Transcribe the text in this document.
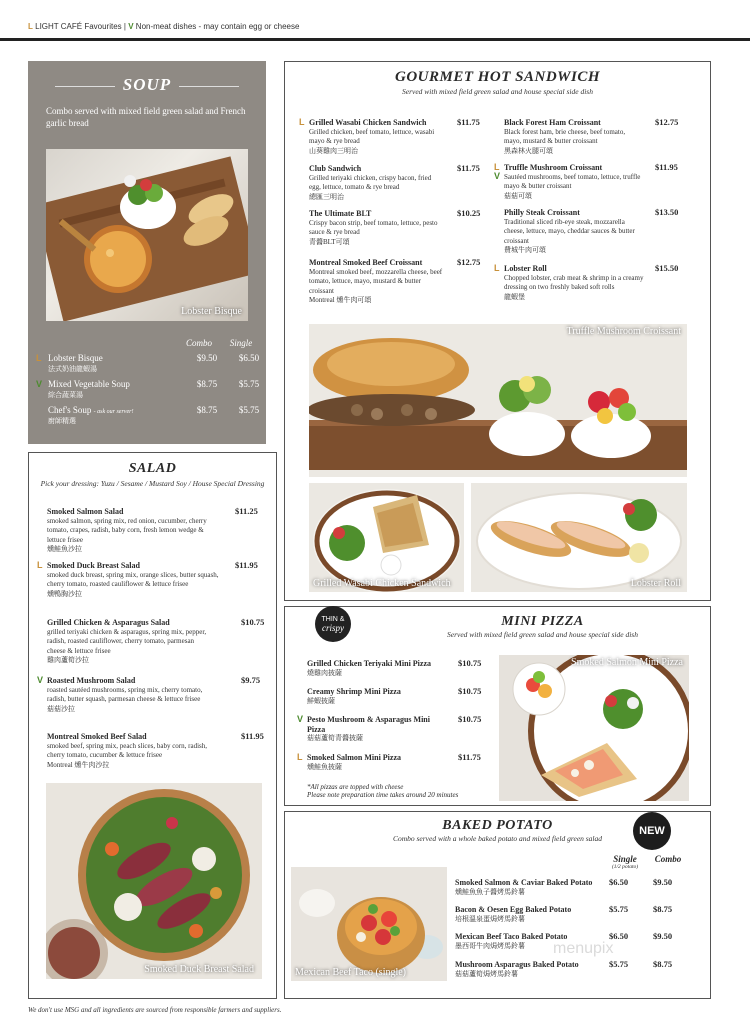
L LIGHT CAFÉ Favourites | V Non-meat dishes - may contain egg or cheese
SOUP
Combo served with mixed field green salad and French garlic bread
Lobster Bisque
Combo Single
L Lobster Bisque
法式奶油龍蝦湯
$9.50	$6.50
V Mixed Vegetable Soup
綜合蔬菜湯
$8.75	$5.75
Chef's Soup - ask our server!
廚師精選
$8.75	$5.75
SALAD
Pick your dressing: Yuzu / Sesame / Mustard Soy / House Special Dressing
Smoked Salmon Salad
smoked salmon, spring mix, red onion, cucumber, cherry tomato, crapes, radish, baby corn, fresh lemon wedge & lettuce frisee
燻鮭魚沙拉
$11.25
L Smoked Duck Breast Salad
smoked duck breast, spring mix, orange slices, butter squash, cherry tomato, roasted cauliflower & lettuce frisee
燻鴨胸沙拉
$11.95
Grilled Chicken & Asparagus Salad
grilled teriyaki chicken & asparagus, spring mix, pepper, radish, roasted cauliflower, cherry tomato, parmesan cheese & lettuce frisee
雞肉蘆筍沙拉
$10.75
V Roasted Mushroom Salad
roasted sautéed mushrooms, spring mix, cherry tomato, radish, butter squash, parmesan cheese & lettuce frisee
菇菇沙拉
$9.75
Montreal Smoked Beef Salad
smoked beef, spring mix, peach slices, baby corn, radish, cherry tomato, cucumber & lettuce frisee
Montreal 燻牛肉沙拉
$11.95
Smoked Duck Breast Salad
GOURMET HOT SANDWICH
Served with mixed field green salad and house special side dish
L Grilled Wasabi Chicken Sandwich
Grilled chicken, beef tomato, lettuce, wasabi mayo & rye bread
山葵雞肉三明治
$11.75
Club Sandwich
Grilled teriyaki chicken, crispy bacon, fried egg, lettuce, tomato & rye bread
總匯三明治
$11.75
The Ultimate BLT
Crispy bacon strip, beef tomato, lettuce, pesto sauce & rye bread
青醬BLT可頌
$10.25
Montreal Smoked Beef Croissant
Montreal smoked beef, mozzarella cheese, beef tomato, lettuce, mayo, mustard & butter croissant
Montreal 燻牛肉可頌
$12.75
Black Forest Ham Croissant
Black forest ham, brie cheese, beef tomato, mayo, mustard & butter croissant
黑森林火腿可頌
$12.75
L
V
Truffle Mushroom Croissant
Sautéed mushrooms, beef tomato, lettuce, truffle mayo & butter croissant
菇菇可頌
$11.95
Philly Steak Croissant
Traditional sliced rib-eye steak, mozzarella cheese, lettuce, mayo, cheddar sauces & butter croissant
費城牛肉可頌
$13.50
L Lobster Roll
Chopped lobster, crab meat & shrimp in a creamy dressing on two freshly baked soft rolls
龍蝦堡
$15.50
Truffle Mushroom Croissant
Grilled Wasabi Chicken Sandwich	Lobster Roll
THIN &
crispy	MINI PIZZA
Served with mixed field green salad and house special side dish
Grilled Chicken Teriyaki Mini Pizza
燒雞肉披薩
$10.75
Creamy Shrimp Mini Pizza
鮮蝦披薩
$10.75
V Pesto Mushroom & Asparagus Mini Pizza
菇菇蘆筍青醬披薩
$10.75
L Smoked Salmon Mini Pizza
燻鮭魚披薩
$11.75
*All pizzas are topped with cheese
Please note preparation time takes around 20 minutes
Smoked Salmon Mini Pizza
BAKED POTATO
Combo served with a whole baked potato and mixed field green salad
NEW
Single
(1/2 potato)
Combo
Mexican Beef Taco (single)
Smoked Salmon & Caviar Baked Potato
燻鮭魚魚子醬烤馬鈴薯
$6.50	$9.50
Bacon & Oesen Egg Baked Potato
培根溫泉蛋焗烤馬鈴薯
$5.75	$8.75
Mexican Beef Taco Baked Potato
墨西哥牛肉焗烤馬鈴薯
$6.50	$9.50
Mushroom Asparagus Baked Potato
菇菇蘆筍焗烤馬鈴薯
$5.75	$8.75
menupix
We don't use MSG and all ingredients are sourced from responsible farmers and suppliers.
